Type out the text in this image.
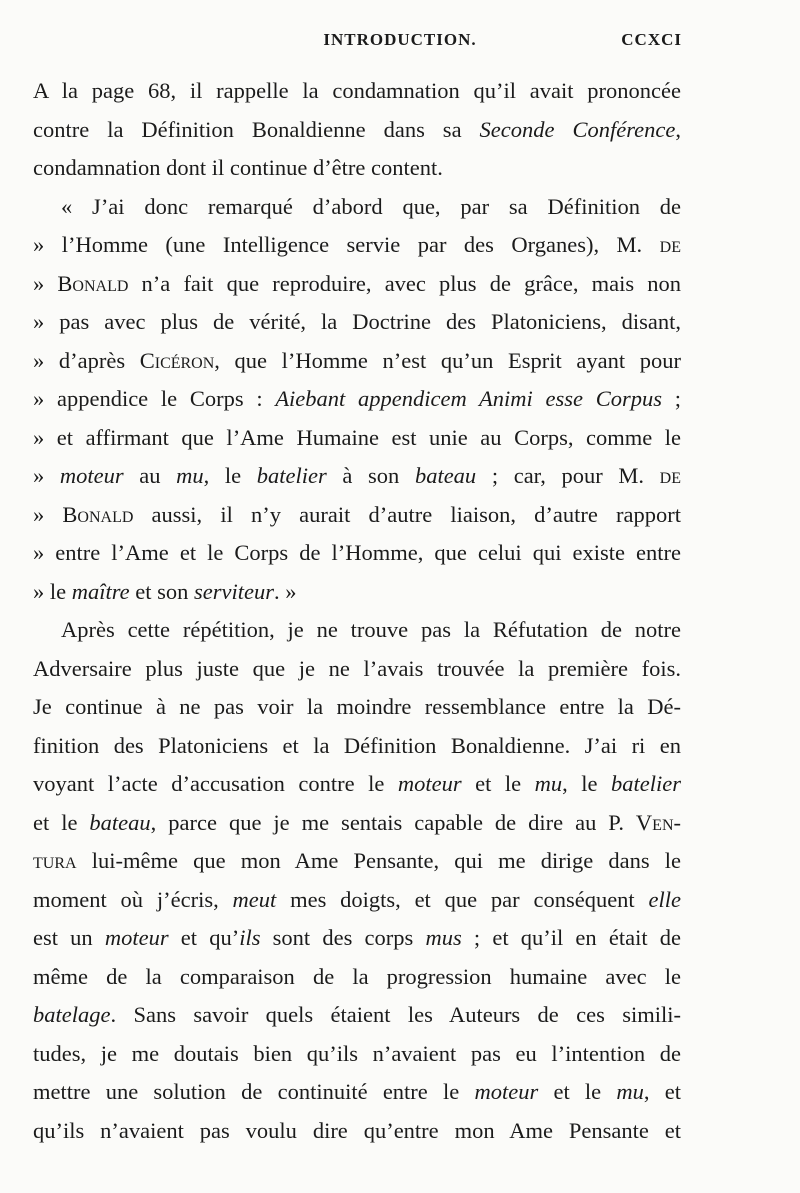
INTRODUCTION.	CCXCI
A la page 68, il rappelle la condamnation qu’il avait prononcée
contre la Définition Bonaldienne dans sa Seconde Conférence,
condamnation dont il continue d’être content.
« J’ai donc remarqué d’abord que, par sa Définition de
» l’Homme (une Intelligence servie par des Organes), M. de
» Bonald n’a fait que reproduire, avec plus de grâce, mais non
» pas avec plus de vérité, la Doctrine des Platoniciens, disant,
» d’après Cicéron, que l’Homme n’est qu’un Esprit ayant pour
» appendice le Corps : Aiebant appendicem Animi esse Corpus ;
» et affirmant que l’Ame Humaine est unie au Corps, comme le
» moteur au mu, le batelier à son bateau ; car, pour M. de
» Bonald aussi, il n’y aurait d’autre liaison, d’autre rapport
» entre l’Ame et le Corps de l’Homme, que celui qui existe entre
» le maître et son serviteur. »
Après cette répétition, je ne trouve pas la Réfutation de notre
Adversaire plus juste que je ne l’avais trouvée la première fois.
Je continue à ne pas voir la moindre ressemblance entre la Dé-
finition des Platoniciens et la Définition Bonaldienne. J’ai ri en
voyant l’acte d’accusation contre le moteur et le mu, le batelier
et le bateau, parce que je me sentais capable de dire au P. Ven-
tura lui-même que mon Ame Pensante, qui me dirige dans le
moment où j’écris, meut mes doigts, et que par conséquent elle
est un moteur et qu’ils sont des corps mus ; et qu’il en était de
même de la comparaison de la progression humaine avec le
batelage. Sans savoir quels étaient les Auteurs de ces simili-
tudes, je me doutais bien qu’ils n’avaient pas eu l’intention de
mettre une solution de continuité entre le moteur et le mu, et
qu’ils n’avaient pas voulu dire qu’entre mon Ame Pensante et
